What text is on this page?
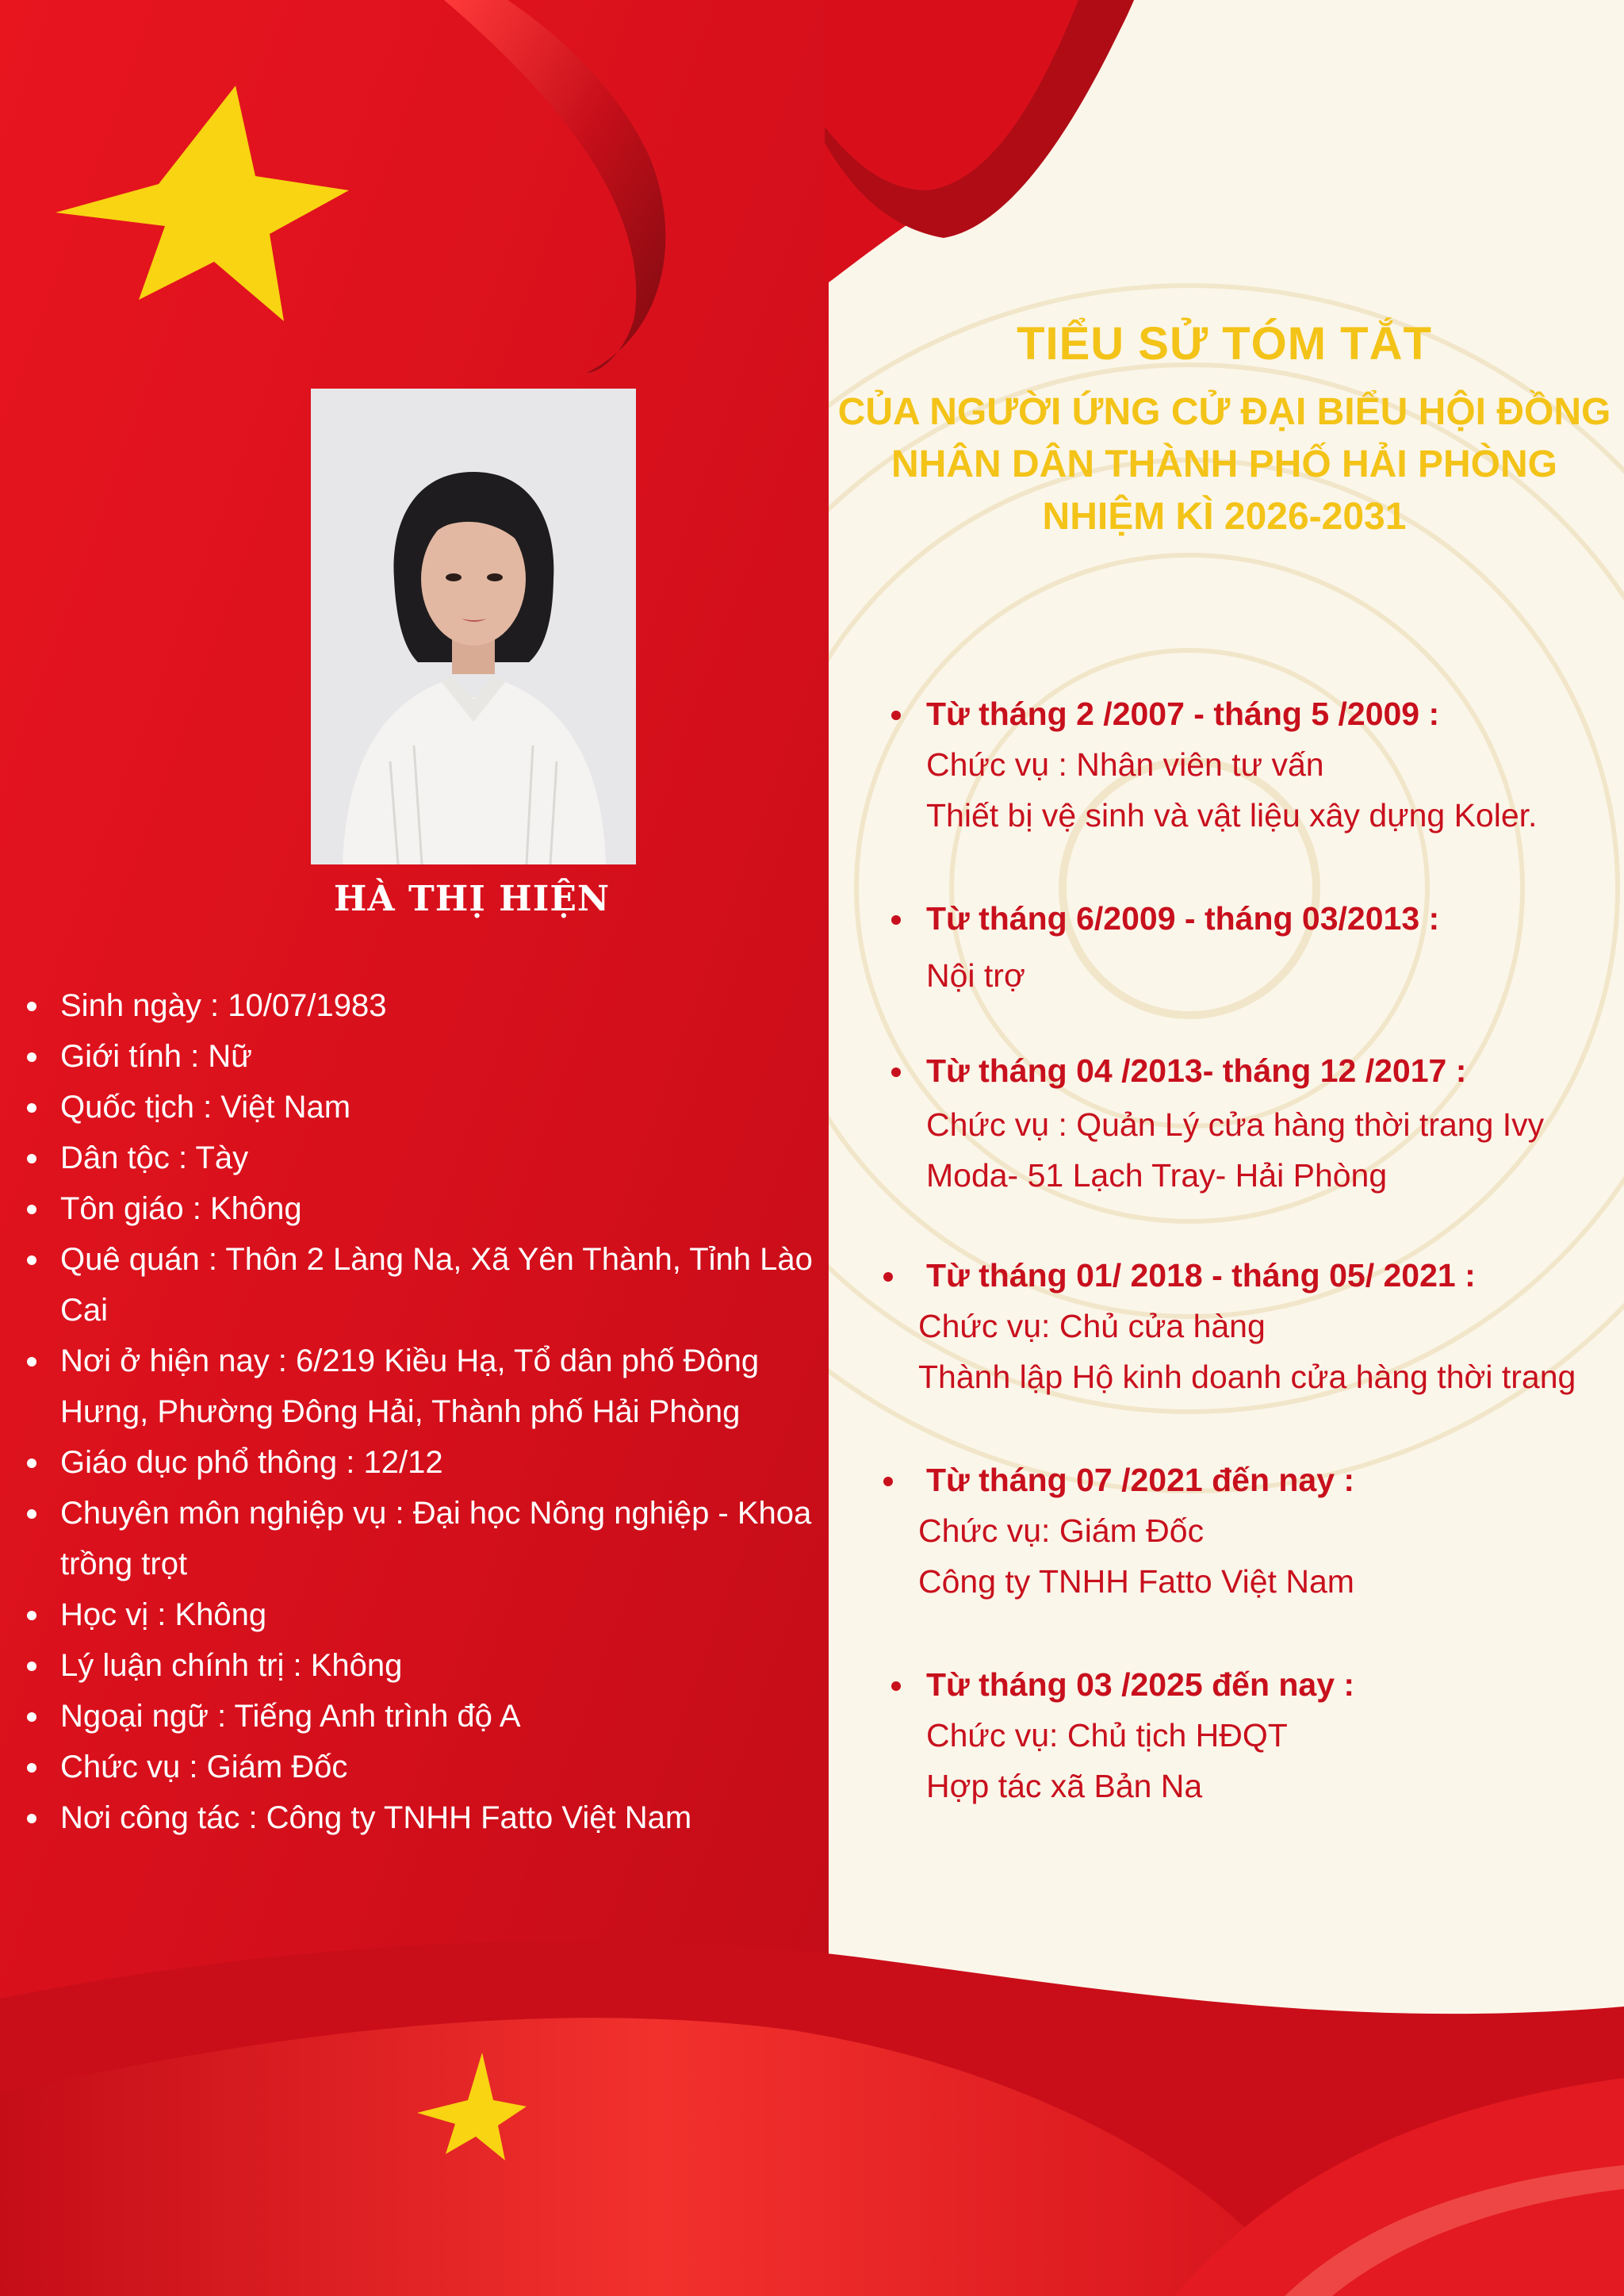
HÀ THỊ HIỆN
Sinh ngày : 10/07/1983
Giới tính : Nữ
Quốc tịch : Việt Nam
Dân tộc : Tày
Tôn giáo : Không
Quê quán : Thôn 2 Làng Na, Xã Yên Thành, Tỉnh Lào Cai
Nơi ở hiện nay : 6/219 Kiều Hạ, Tổ dân phố Đông Hưng, Phường Đông Hải, Thành phố Hải Phòng
Giáo dục phổ thông : 12/12
Chuyên môn nghiệp vụ : Đại học Nông nghiệp - Khoa trồng trọt
Học vị : Không
Lý luận chính trị : Không
Ngoại ngữ : Tiếng Anh trình độ A
Chức vụ : Giám Đốc
Nơi công tác : Công ty TNHH Fatto Việt Nam
TIỂU SỬ TÓM TẮT
CỦA NGƯỜI ỨNG CỬ ĐẠI BIỂU HỘI ĐỒNG
NHÂN DÂN THÀNH PHỐ HẢI PHÒNG
NHIỆM KÌ 2026-2031
Từ tháng 2 /2007 - tháng 5 /2009 :
Chức vụ : Nhân viên tư vấn
Thiết bị vệ sinh và vật liệu xây dựng Koler.
Từ tháng 6/2009 - tháng 03/2013 :
Nội trợ
Từ tháng 04 /2013- tháng 12 /2017 :
Chức vụ : Quản Lý cửa hàng thời trang Ivy
Moda- 51 Lạch Tray- Hải Phòng
Từ tháng 01/ 2018 - tháng 05/ 2021 :
Chức vụ: Chủ cửa hàng
Thành lập Hộ kinh doanh cửa hàng thời trang
Từ tháng 07 /2021 đến nay :
Chức vụ: Giám Đốc
Công ty TNHH Fatto Việt Nam
Từ tháng 03 /2025 đến nay :
Chức vụ: Chủ tịch HĐQT
Hợp tác xã Bản Na
